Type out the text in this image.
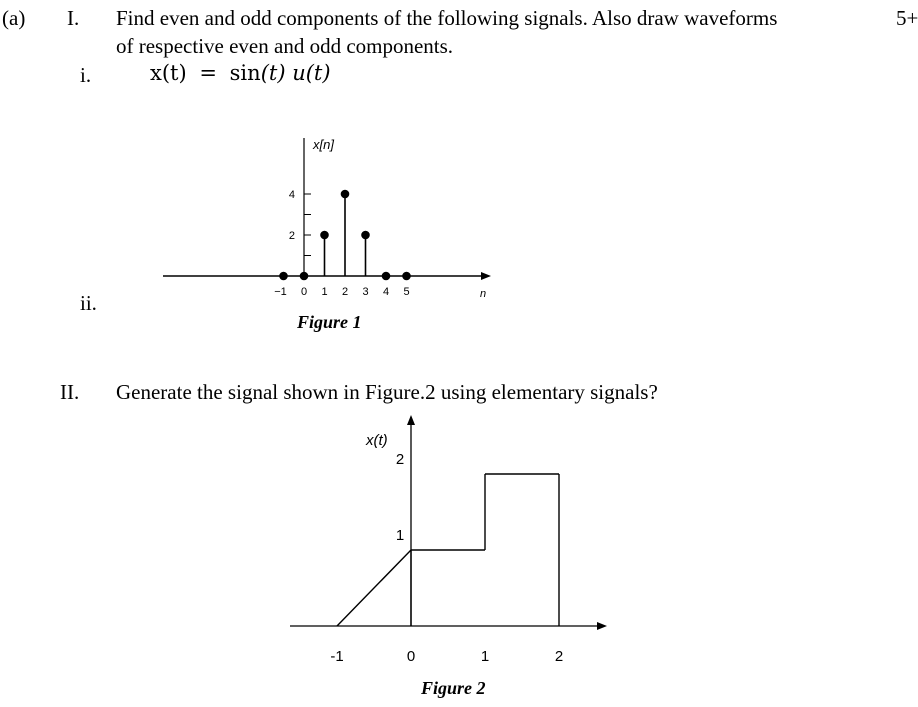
(a) I. Find even and odd components of the following signals. Also draw waveforms	5+
of respective even and odd components.
i.	x(t) = sin(t) u(t)
ii.
x[n]
n
2
4
−1 0 1 2 3 4 5
Figure 1
II. Generate the signal shown in Figure.2 using elementary signals?
x(t)
-1	0	1	2
1
2
Figure 2
